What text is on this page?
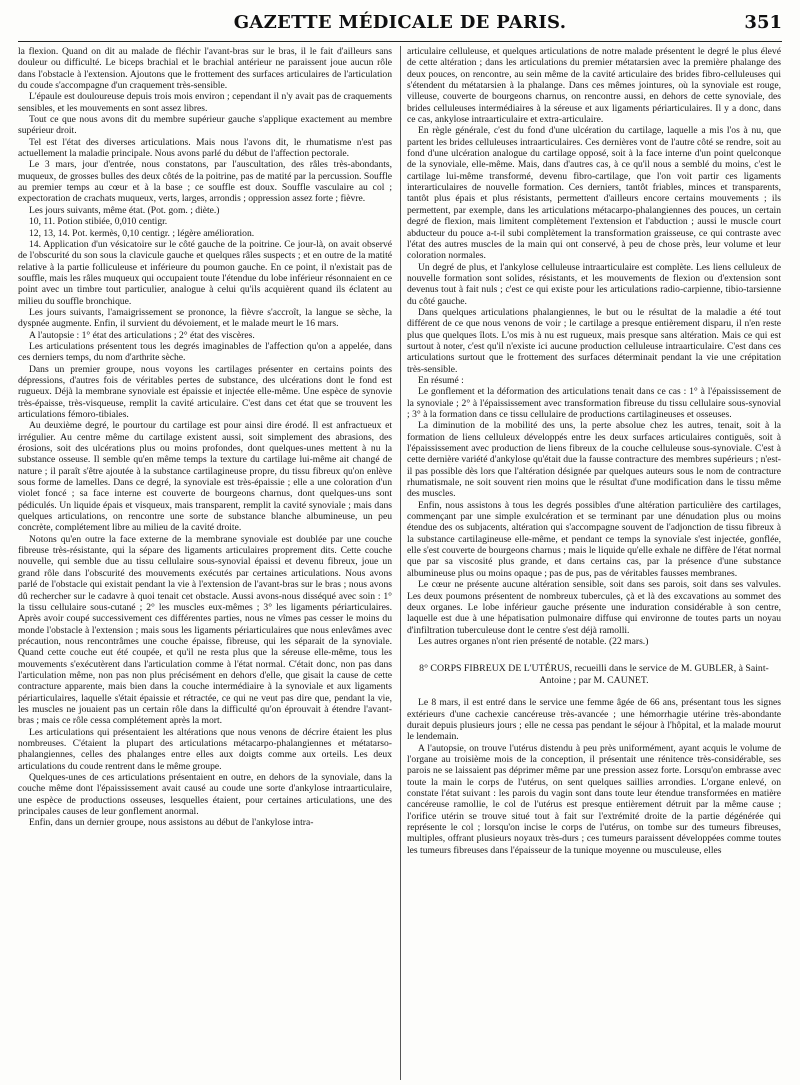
GAZETTE MÉDICALE DE PARIS.	351

la flexion. Quand on dit au malade de fléchir l'avant-bras sur le bras, il le fait d'ailleurs sans douleur ou difficulté. Le biceps brachial et le brachial antérieur ne paraissent joue aucun rôle dans l'obstacle à l'extension. Ajoutons que le frottement des surfaces articulaires de l'articulation du coude s'accompagne d'un craquement très-sensible.

L'épaule est douloureuse depuis trois mois environ ; cependant il n'y avait pas de craquements sensibles, et les mouvements en sont assez libres.

Tout ce que nous avons dit du membre supérieur gauche s'applique exactement au membre supérieur droit.

Tel est l'état des diverses articulations. Mais nous l'avons dit, le rhumatisme n'est pas actuellement la maladie principale. Nous avons parlé du début de l'affection pectorale.

Le 3 mars, jour d'entrée, nous constatons, par l'auscultation, des râles très-abondants, muqueux, de grosses bulles des deux côtés de la poitrine, pas de matité par la percussion. Souffle au premier temps au cœur et à la base ; ce souffle est doux. Souffle vasculaire au col ; expectoration de crachats muqueux, verts, larges, arrondis ; oppression assez forte ; fièvre.

Les jours suivants, même état. (Pot. gom. ; diète.)

10, 11. Potion stibiée, 0,010 centigr.

12, 13, 14. Pot. kermès, 0,10 centigr. ; légère amélioration.

14. Application d'un vésicatoire sur le côté gauche de la poitrine. Ce jour-là, on avait observé de l'obscurité du son sous la clavicule gauche et quelques râles suspects ; et en outre de la matité relative à la partie folliculeuse et inférieure du poumon gauche. En ce point, il n'existait pas de souffle, mais les râles muqueux qui occupaient toute l'étendue du lobe inférieur résonnaient en ce point avec un timbre tout particulier, analogue à celui qu'ils acquièrent quand ils éclatent au milieu du souffle bronchique.

Les jours suivants, l'amaigrissement se prononce, la fièvre s'accroît, la langue se sèche, la dyspnée augmente. Enfin, il survient du dévoiement, et le malade meurt le 16 mars.

A l'autopsie : 1° état des articulations ; 2° état des viscères.

Les articulations présentent tous les degrés imaginables de l'affection qu'on a appelée, dans ces derniers temps, du nom d'arthrite sèche.

Dans un premier groupe, nous voyons les cartilages présenter en certains points des dépressions, d'autres fois de véritables pertes de substance, des ulcérations dont le fond est rugueux. Déjà la membrane synoviale est épaissie et injectée elle-même. Une espèce de synovie très-épaisse, très-visqueuse, remplit la cavité articulaire. C'est dans cet état que se trouvent les articulations fémoro-tibiales.

Au deuxième degré, le pourtour du cartilage est pour ainsi dire érodé. Il est anfractueux et irrégulier. Au centre même du cartilage existent aussi, soit simplement des abrasions, des érosions, soit des ulcérations plus ou moins profondes, dont quelques-unes mettent à nu la substance osseuse. Il semble qu'en même temps la texture du cartilage lui-même ait changé de nature ; il paraît s'être ajoutée à la substance cartilagineuse propre, du tissu fibreux qu'on enlève sous forme de lamelles. Dans ce degré, la synoviale est très-épaissie ; elle a une coloration d'un violet foncé ; sa face interne est couverte de bourgeons charnus, dont quelques-uns sont pédiculés. Un liquide épais et visqueux, mais transparent, remplit la cavité synoviale ; mais dans quelques articulations, on rencontre une sorte de substance blanche albumineuse, un peu concrète, complétement libre au milieu de la cavité droite.

Notons qu'en outre la face externe de la membrane synoviale est doublée par une couche fibreuse très-résistante, qui la sépare des ligaments articulaires proprement dits. Cette couche nouvelle, qui semble due au tissu cellulaire sous-synovial épaissi et devenu fibreux, joue un grand rôle dans l'obscurité des mouvements exécutés par certaines articulations. Nous avons parlé de l'obstacle qui existait pendant la vie à l'extension de l'avant-bras sur le bras ; nous avons dû rechercher sur le cadavre à quoi tenait cet obstacle. Aussi avons-nous disséqué avec soin : 1° la tissu cellulaire sous-cutané ; 2° les muscles eux-mêmes ; 3° les ligaments périarticulaires. Après avoir coupé successivement ces différentes parties, nous ne vîmes pas cesser le moins du monde l'obstacle à l'extension ; mais sous les ligaments périarticulaires que nous enlevâmes avec précaution, nous rencontrâmes une couche épaisse, fibreuse, qui les séparait de la synoviale. Quand cette couche eut été coupée, et qu'il ne resta plus que la séreuse elle-même, tous les mouvements s'exécutèrent dans l'articulation comme à l'état normal. C'était donc, non pas dans l'articulation même, non pas non plus précisément en dehors d'elle, que gisait la cause de cette contracture apparente, mais bien dans la couche intermédiaire à la synoviale et aux ligaments périarticulaires, laquelle s'était épaissie et rétractée, ce qui ne veut pas dire que, pendant la vie, les muscles ne jouaient pas un certain rôle dans la difficulté qu'on éprouvait à étendre l'avant-bras ; mais ce rôle cessa complétement après la mort.

Les articulations qui présentaient les altérations que nous venons de décrire étaient les plus nombreuses. C'étaient la plupart des articulations métacarpo-phalangiennes et métatarso-phalangiennes, celles des phalanges entre elles aux doigts comme aux orteils. Les deux articulations du coude rentrent dans le même groupe.

Quelques-unes de ces articulations présentaient en outre, en dehors de la synoviale, dans la couche même dont l'épaississement avait causé au coude une sorte d'ankylose intraarticulaire, une espèce de productions osseuses, lesquelles étaient, pour certaines articulations, une des principales causes de leur gonflement anormal.

Enfin, dans un dernier groupe, nous assistons au début de l'ankylose intra-

articulaire celluleuse, et quelques articulations de notre malade présentent le degré le plus élevé de cette altération ; dans les articulations du premier métatarsien avec la première phalange des deux pouces, on rencontre, au sein même de la cavité articulaire des brides fibro-celluleuses qui s'étendent du métatarsien à la phalange. Dans ces mêmes jointures, où la synoviale est rouge, villeuse, couverte de bourgeons charnus, on rencontre aussi, en dehors de cette synoviale, des brides celluleuses intermédiaires à la séreuse et aux ligaments périarticulaires. Il y a donc, dans ce cas, ankylose intraarticulaire et extra-articulaire.

En règle générale, c'est du fond d'une ulcération du cartilage, laquelle a mis l'os à nu, que partent les brides celluleuses intraarticulaires. Ces dernières vont de l'autre côté se rendre, soit au fond d'une ulcération analogue du cartilage opposé, soit à la face interne d'un point quelconque de la synoviale, elle-même. Mais, dans d'autres cas, à ce qu'il nous a semblé du moins, c'est le cartilage lui-même transformé, devenu fibro-cartilage, que l'on voit partir ces ligaments interarticulaires de nouvelle formation. Ces derniers, tantôt friables, minces et transparents, tantôt plus épais et plus résistants, permettent d'ailleurs encore certains mouvements ; ils permettent, par exemple, dans les articulations métacarpo-phalangiennes des pouces, un certain degré de flexion, mais limitent complètement l'extension et l'abduction ; aussi le muscle court abducteur du pouce a-t-il subi complètement la transformation graisseuse, ce qui contraste avec l'état des autres muscles de la main qui ont conservé, à peu de chose près, leur volume et leur coloration normales.

Un degré de plus, et l'ankylose celluleuse intraarticulaire est complète. Les liens celluleux de nouvelle formation sont solides, résistants, et les mouvements de flexion ou d'extension sont devenus tout à fait nuls ; c'est ce qui existe pour les articulations radio-carpienne, tibio-tarsienne du côté gauche.

Dans quelques articulations phalangiennes, le but ou le résultat de la maladie a été tout différent de ce que nous venons de voir ; le cartilage a presque entièrement disparu, il n'en reste plus que quelques îlots. L'os mis à nu est rugueux, mais presque sans altération. Mais ce qui est surtout à noter, c'est qu'il n'existe ici aucune production celluleuse intraarticulaire. C'est dans ces articulations surtout que le frottement des surfaces déterminait pendant la vie une crépitation très-sensible.

En résumé :

Le gonflement et la déformation des articulations tenait dans ce cas : 1° à l'épaississement de la synoviale ; 2° à l'épaississement avec transformation fibreuse du tissu cellulaire sous-synovial ; 3° à la formation dans ce tissu cellulaire de productions cartilagineuses et osseuses.

La diminution de la mobilité des uns, la perte absolue chez les autres, tenait, soit à la formation de liens celluleux développés entre les deux surfaces articulaires contiguës, soit à l'épaississement avec production de liens fibreux de la couche celluleuse sous-synoviale. C'est à cette dernière variété d'ankylose qu'était due la fausse contracture des membres supérieurs ; n'est-il pas possible dès lors que l'altération désignée par quelques auteurs sous le nom de contracture rhumatismale, ne soit souvent rien moins que le résultat d'une modification dans le tissu même des muscles.

Enfin, nous assistons à tous les degrés possibles d'une altération particulière des cartilages, commençant par une simple exulcération et se terminant par une dénudation plus ou moins étendue des os subjacents, altération qui s'accompagne souvent de l'adjonction de tissu fibreux à la substance cartilagineuse elle-même, et pendant ce temps la synoviale s'est injectée, gonflée, elle s'est couverte de bourgeons charnus ; mais le liquide qu'elle exhale ne diffère de l'état normal que par sa viscosité plus grande, et dans certains cas, par la présence d'une substance albumineuse plus ou moins opaque ; pas de pus, pas de véritables fausses membranes.

Le cœur ne présente aucune altération sensible, soit dans ses parois, soit dans ses valvules. Les deux poumons présentent de nombreux tubercules, çà et là des excavations au sommet des deux organes. Le lobe inférieur gauche présente une induration considérable à son centre, laquelle est due à une hépatisation pulmonaire diffuse qui environne de toutes parts un noyau d'infiltration tuberculeuse dont le centre s'est déjà ramolli.

Les autres organes n'ont rien présenté de notable. (22 mars.)

8° CORPS FIBREUX DE L'UTÉRUS, recueilli dans le service de M. GUBLER, à Saint-Antoine ; par M. CAUNET.

Le 8 mars, il est entré dans le service une femme âgée de 66 ans, présentant tous les signes extérieurs d'une cachexie cancéreuse très-avancée ; une hémorrhagie utérine très-abondante durait depuis plusieurs jours ; elle ne cessa pas pendant le séjour à l'hôpital, et la malade mourut le lendemain.

A l'autopsie, on trouve l'utérus distendu à peu près uniformément, ayant acquis le volume de l'organe au troisième mois de la conception, il présentait une rénitence très-considérable, ses parois ne se laissaient pas déprimer même par une pression assez forte. Lorsqu'on embrasse avec toute la main le corps de l'utérus, on sent quelques saillies arrondies. L'organe enlevé, on constate l'état suivant : les parois du vagin sont dans toute leur étendue transformées en matière cancéreuse ramollie, le col de l'utérus est presque entièrement détruit par la même cause ; l'orifice utérin se trouve situé tout à fait sur l'extrémité droite de la partie dégénérée qui représente le col ; lorsqu'on incise le corps de l'utérus, on tombe sur des tumeurs fibreuses, multiples, offrant plusieurs noyaux très-durs ; ces tumeurs paraissent développées comme toutes les tumeurs fibreuses dans l'épaisseur de la tunique moyenne ou musculeuse, elles
